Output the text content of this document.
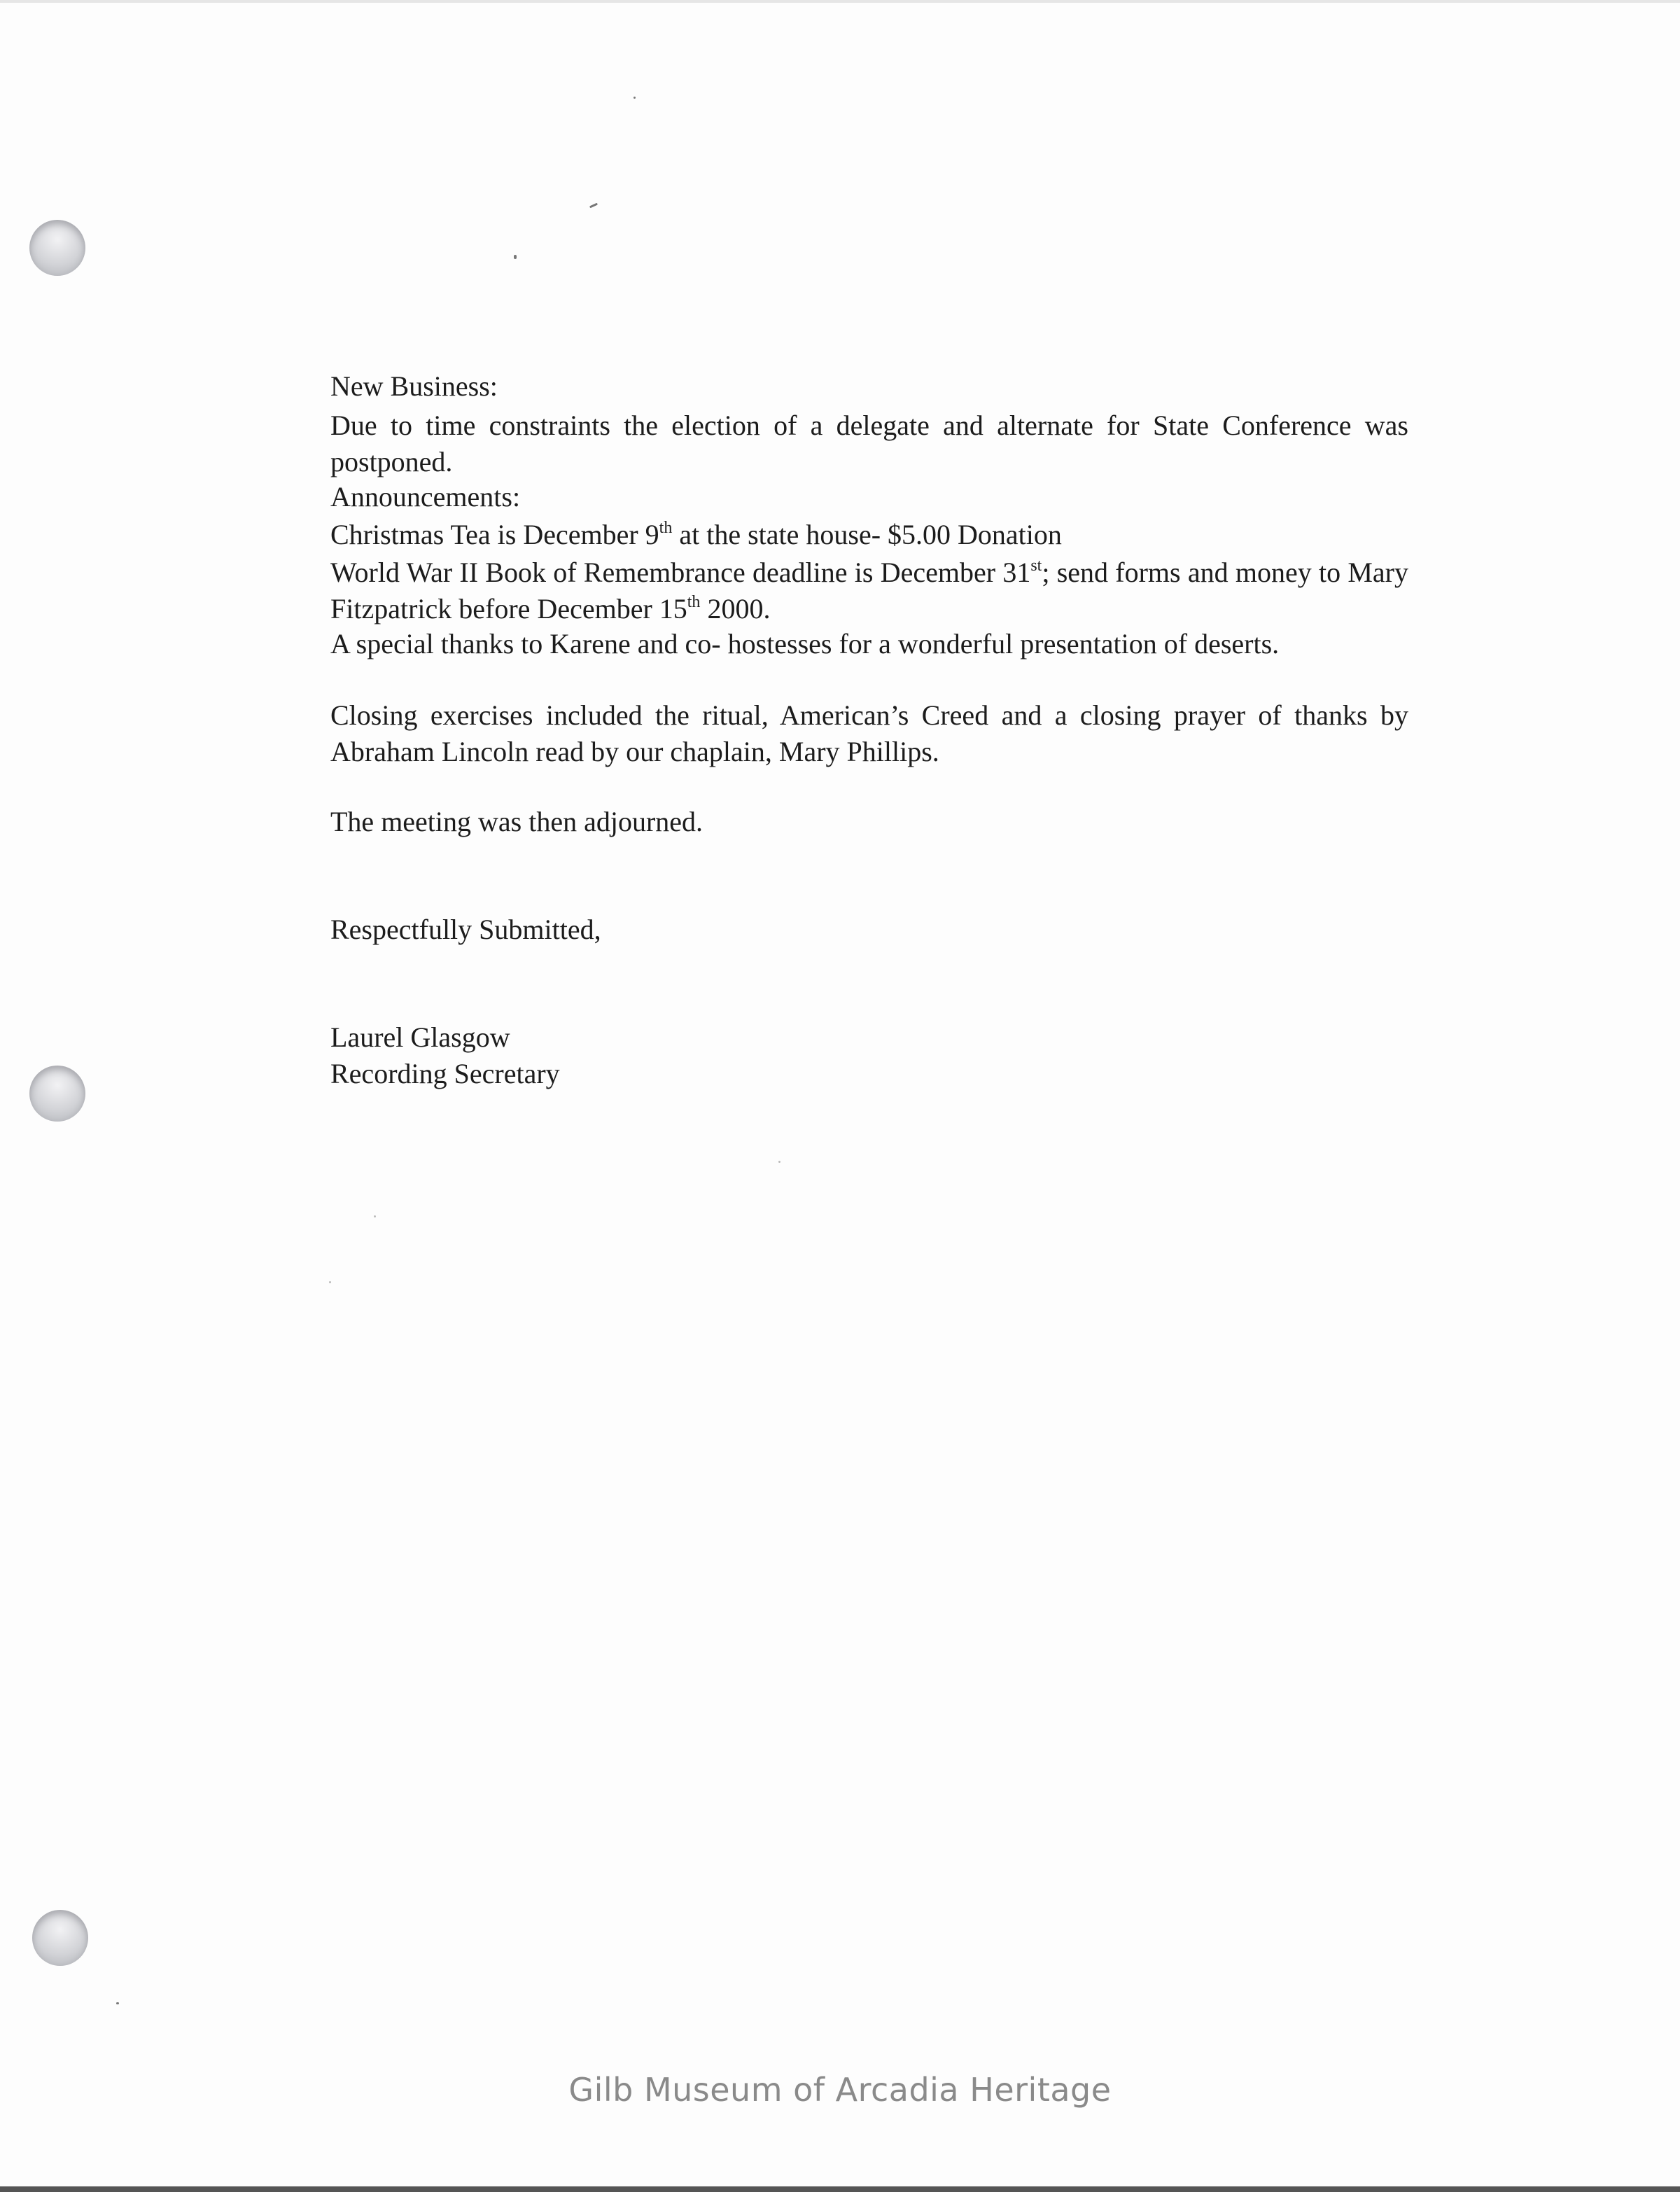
New Business:

Due to time constraints the election of a delegate and alternate for State Conference was postponed.

Announcements:

Christmas Tea is December 9th at the state house- $5.00 Donation

World War II Book of Remembrance deadline is December 31st; send forms and money to Mary Fitzpatrick before December 15th 2000.

A special thanks to Karene and co- hostesses for a wonderful presentation of deserts.

Closing exercises included the ritual, American’s Creed and a closing prayer of thanks by Abraham Lincoln read by our chaplain, Mary Phillips.

The meeting was then adjourned.

Respectfully Submitted,

Laurel Glasgow

Recording Secretary

Gilb Museum of Arcadia Heritage
